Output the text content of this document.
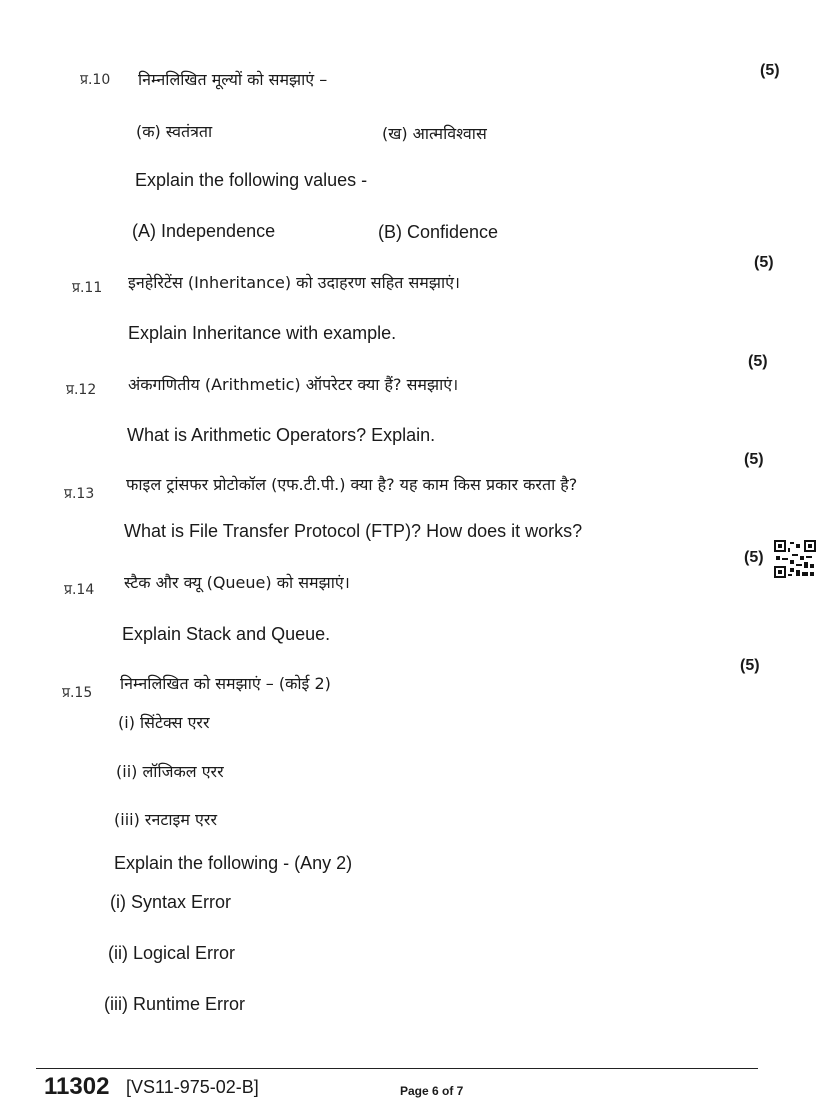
प्र.10 निम्नलिखित मूल्यों को समझाएं –	(5)
(क) स्वतंत्रता	(ख) आत्मविश्वास
Explain the following values -
(A) Independence	(B) Confidence
(5)
प्र.11 इनहेरिटेंस (Inheritance) को उदाहरण सहित समझाएं।
Explain Inheritance with example.
(5)
प्र.12 अंकगणितीय (Arithmetic) ऑपरेटर क्या हैं? समझाएं।
What is Arithmetic Operators? Explain.
(5)
प्र.13 फाइल ट्रांसफर प्रोटोकॉल (एफ.टी.पी.) क्या है? यह काम किस प्रकार करता है?
What is File Transfer Protocol (FTP)? How does it works?
(5)
प्र.14 स्टैक और क्यू (Queue) को समझाएं।
Explain Stack and Queue.
(5)
प्र.15 निम्नलिखित को समझाएं – (कोई 2)
(i) सिंटेक्स एरर
(ii) लॉजिकल एरर
(iii) रनटाइम एरर
Explain the following - (Any 2)
(i) Syntax Error
(ii) Logical Error
(iii) Runtime Error
11302 [VS11-975-02-B]	Page 6 of 7
